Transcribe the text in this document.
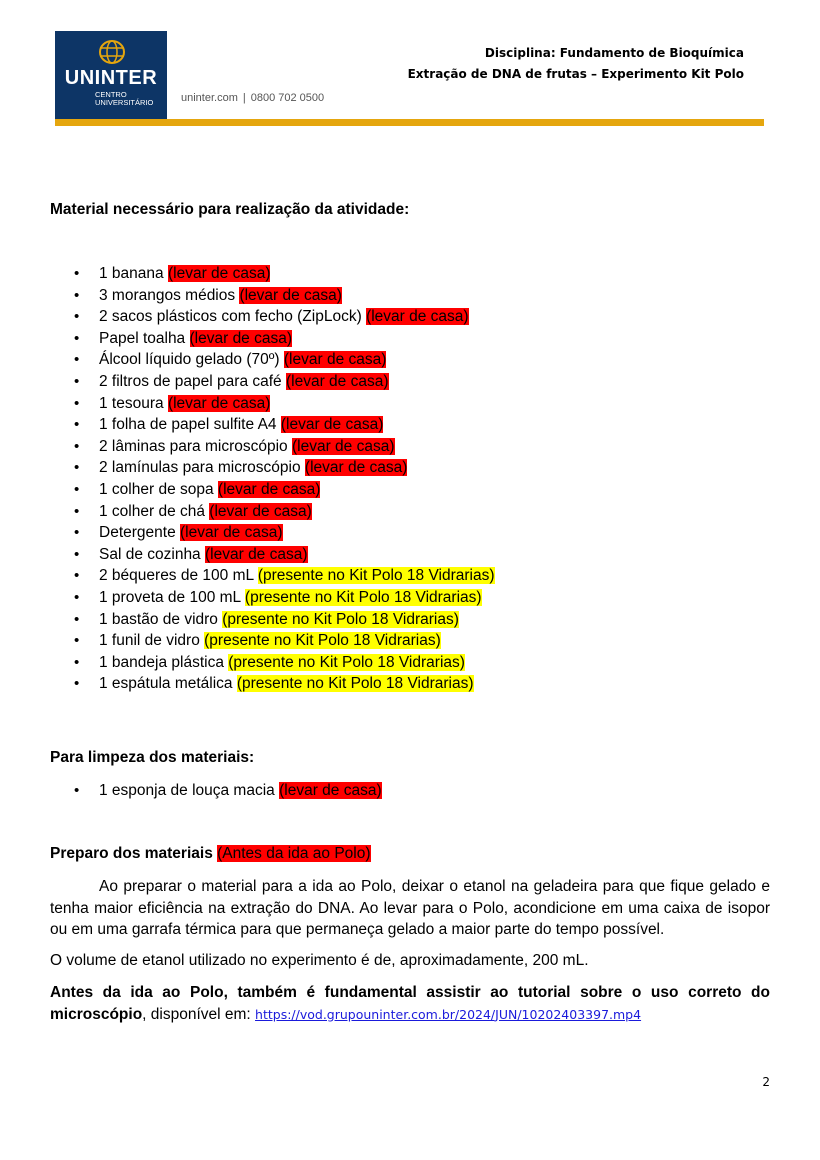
UNINTER
CENTRO
UNIVERSITÁRIO	uninter.com | 0800 702 0500
Disciplina: Fundamento de Bioquímica
Extração de DNA de frutas – Experimento Kit Polo
Material necessário para realização da atividade:
• 1 banana (levar de casa)
• 3 morangos médios (levar de casa)
• 2 sacos plásticos com fecho (ZipLock) (levar de casa)
• Papel toalha (levar de casa)
• Álcool líquido gelado (70º) (levar de casa)
• 2 filtros de papel para café (levar de casa)
• 1 tesoura (levar de casa)
• 1 folha de papel sulfite A4 (levar de casa)
• 2 lâminas para microscópio (levar de casa)
• 2 lamínulas para microscópio (levar de casa)
• 1 colher de sopa (levar de casa)
• 1 colher de chá (levar de casa)
• Detergente (levar de casa)
• Sal de cozinha (levar de casa)
• 2 béqueres de 100 mL (presente no Kit Polo 18 Vidrarias)
• 1 proveta de 100 mL (presente no Kit Polo 18 Vidrarias)
• 1 bastão de vidro (presente no Kit Polo 18 Vidrarias)
• 1 funil de vidro (presente no Kit Polo 18 Vidrarias)
• 1 bandeja plástica (presente no Kit Polo 18 Vidrarias)
• 1 espátula metálica (presente no Kit Polo 18 Vidrarias)
Para limpeza dos materiais:
• 1 esponja de louça macia (levar de casa)
Preparo dos materiais (Antes da ida ao Polo)

Ao preparar o material para a ida ao Polo, deixar o etanol na geladeira para que fique gelado e tenha maior eficiência na extração do DNA. Ao levar para o Polo, acondicione em uma caixa de isopor ou em uma garrafa térmica para que permaneça gelado a maior parte do tempo possível.

O volume de etanol utilizado no experimento é de, aproximadamente, 200 mL.

Antes da ida ao Polo, também é fundamental assistir ao tutorial sobre o uso correto do microscópio, disponível em: https://vod.grupouninter.com.br/2024/JUN/10202403397.mp4

2
